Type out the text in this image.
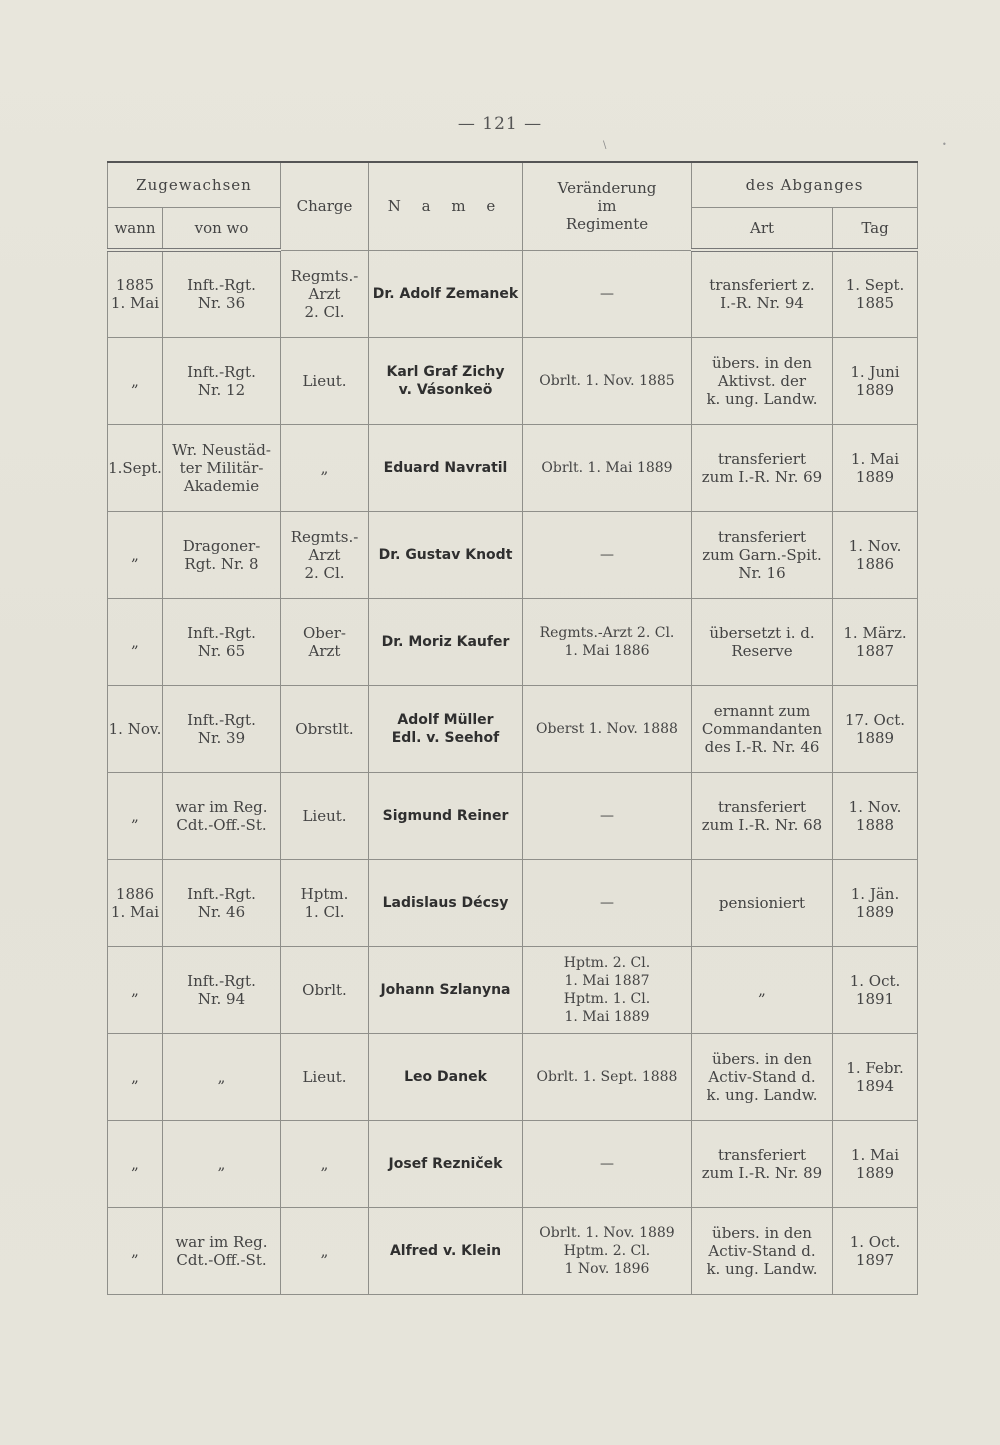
— 121 —
\	•
Zugewachsen		Charge	N a m e	Veränderung
im
Regimente	des Abganges	
wann	von wo				Art	Tag

1885
1. Mai	Inft.-Rgt.
Nr. 36	Regmts.-
Arzt
2. Cl.	Dr. Adolf Zemanek	—	transferiert z.
I.-R. Nr. 94	1. Sept.
1885

„	Inft.-Rgt.
Nr. 12	Lieut.	Karl Graf Zichy
v. Vásonkeö	Obrlt. 1. Nov. 1885	übers. in den
Aktivst. der
k. ung. Landw.	1. Juni
1889

1.Sept.	Wr. Neustäd-
ter Militär-
Akademie	„	Eduard Navratil	Obrlt. 1. Mai 1889	transferiert
zum I.-R. Nr. 69	1. Mai
1889

„	Dragoner-
Rgt. Nr. 8	Regmts.-
Arzt
2. Cl.	Dr. Gustav Knodt	—	transferiert
zum Garn.-Spit.
Nr. 16	1. Nov.
1886

„	Inft.-Rgt.
Nr. 65	Ober-
Arzt	Dr. Moriz Kaufer	Regmts.-Arzt 2. Cl.
1. Mai 1886	übersetzt i. d.
Reserve	1. März.
1887

1. Nov.	Inft.-Rgt.
Nr. 39	Obrstlt.	Adolf Müller
Edl. v. Seehof	Oberst 1. Nov. 1888	ernannt zum
Commandanten
des I.-R. Nr. 46	17. Oct.
1889

„	war im Reg.
Cdt.-Off.-St.	Lieut.	Sigmund Reiner	—	transferiert
zum I.-R. Nr. 68	1. Nov.
1888

1886
1. Mai	Inft.-Rgt.
Nr. 46	Hptm.
1. Cl.	Ladislaus Décsy	—	pensioniert	1. Jän.
1889

„	Inft.-Rgt.
Nr. 94	Obrlt.	Johann Szlanyna	Hptm. 2. Cl.
1. Mai 1887
Hptm. 1. Cl.
1. Mai 1889	„	1. Oct.
1891

„	„	Lieut.	Leo Danek	Obrlt. 1. Sept. 1888	übers. in den
Activ-Stand d.
k. ung. Landw.	1. Febr.
1894

„	„	„	Josef Rezniček	—	transferiert
zum I.-R. Nr. 89	1. Mai
1889

„	war im Reg.
Cdt.-Off.-St.	„	Alfred v. Klein	Obrlt. 1. Nov. 1889
Hptm. 2. Cl.
1 Nov. 1896	übers. in den
Activ-Stand d.
k. ung. Landw.	1. Oct.
1897
